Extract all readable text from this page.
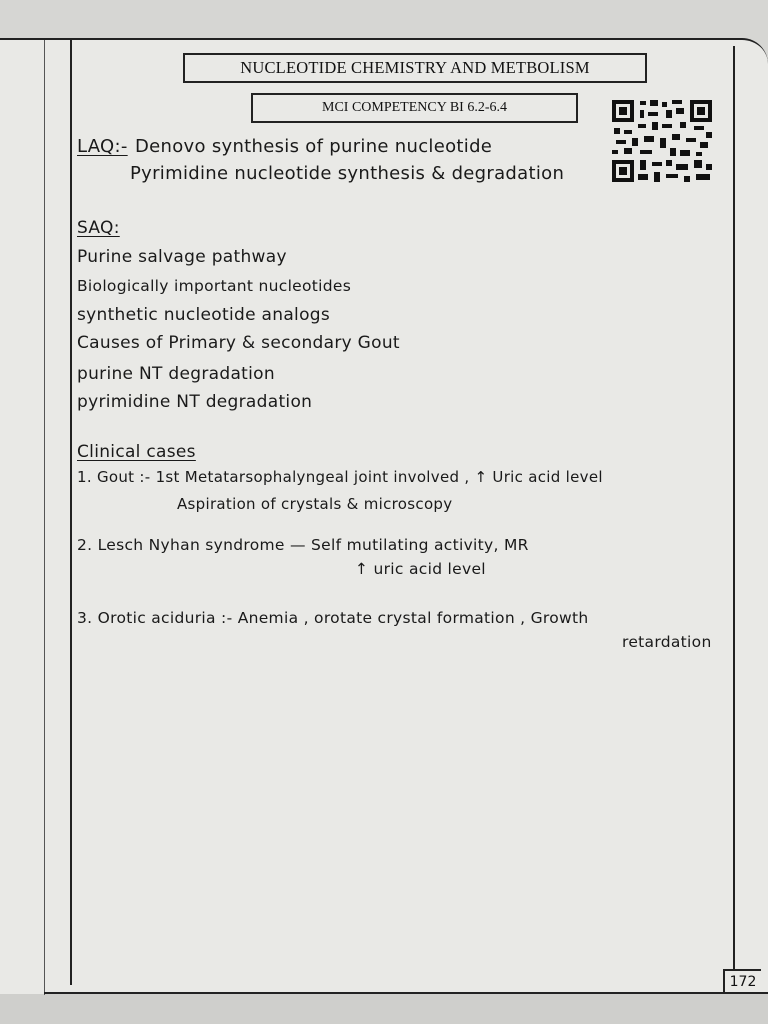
NUCLEOTIDE CHEMISTRY AND METBOLISM
MCI COMPETENCY BI 6.2-6.4
LAQ:- Denovo synthesis of purine nucleotide
Pyrimidine nucleotide synthesis & degradation
SAQ:
Purine salvage pathway
Biologically important nucleotides
synthetic nucleotide analogs
Causes of Primary & secondary Gout
purine NT degradation
pyrimidine NT degradation
Clinical cases
1. Gout :- 1st Metatarsophalyngeal joint involved , ↑ Uric acid level
Aspiration of crystals & microscopy
2. Lesch Nyhan syndrome — Self mutilating activity, MR
↑ uric acid level
3. Orotic aciduria :- Anemia , orotate crystal formation , Growth
retardation
172
